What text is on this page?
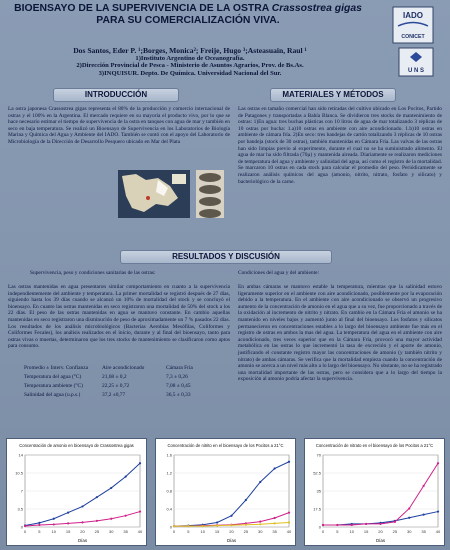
BIOENSAYO DE LA SUPERVIVENCIA DE LA OSTRA Crassostrea gigas PARA SU COMERCIALIZACIÓN VIVA.
Dos Santos, Eder P. ¹;Borges, Monica²; Freije, Hugo ³;Asteasuain, Raul ¹
1)Instituto Argentino de Oceanografía.
2)Dirección Provincial de Pesca - Ministerio de Asuntos Agrarios, Prov. de Bs.As.
3)INQUISUR. Depto. De Química. Universidad Nacional del Sur.
IADO
CONICET
U N S
INTRODUCCIÓN	MATERIALES Y MÉTODOS
La ostra japonesa Crassostrea gigas representa el 80% de la producción y comercio internacional de ostras y el 100% en la Argentina. El mercado requiere en su mayoría el producto vivo, por lo que se hace necesario estimar el tiempo de supervivencia de la ostra en tanques con agua de mar y también en seco en baja temperatura. Se realizó un Bioensayo de Supervivencia en los Laboratorios de Biología Marina y Química del Agua y Ambiente del IADO. También se contó con el apoyo del Laboratorio de Microbiología de la Dirección de Desarrollo Pesquero ubicado en Mar del Plata
Las ostras en tamaño comercial han sido retiradas del cultivo ubicado en Los Pocitos, Partido de Patagones y transportadas a Bahía Blanca. Se dividieron tres stocks de mantenimiento de ostras: 1)En agua: tres buchas plásticas con 10 litros de agua de mar totalizando 3 réplicas de 10 ostras por bucha: 1.a)10 ostras en ambiente con aire acondicionado. 1.b)10 ostras en ambiente de cámara fría. 2)En seco: tres bandejas de cartón totalizando 3 réplicas de 10 ostras por bandeja (stock de 30 ostras), también mantenidas en Cámara Fría. Las valvas de las ostras han sido limpias previo al experimento, durante el cual no se ha suministrado alimento. El agua de mar ha sido filtrada (70µ) y mantenida aireada. Diariamente se realizaron mediciones de temperatura del agua y ambiente y salinidad del agua, así como el registro de la mortalidad. Se marcaron 10 ostras en cada stock para calcular el promedio del peso. Periódicamente se realizaron análisis químicos del agua (amonio, nitrito, nitrato, fosfato y silicato) y bacteriológico de la carne.
RESULTADOS Y DISCUSIÓN
Supervivencia, peso y condiciones sanitarias de las ostras:	Condiciones del agua y del ambiente:
Las ostras mantenidas en agua presentaron similar comportamiento en cuanto a la supervivencia independientemente del ambiente y temperatura. La primer mortalidad se registró después de 27 días, siguiendo hasta los 39 días cuando se alcanzó un 10% de mortalidad del stock y se concluyó el bioensayo. En cuanto las ostras mantenidas en seco registraron una mortalidad de 50% del stock a los 22 días. El peso de las ostras mantenidas en agua se mantuvo constante. En cambio aquellas mantenidas en seco registraron una disminución de peso de aproximadamente un 7 % pasados 22 días. Los resultados de los análisis microbiológicos (Bacterias Aerobias Mesófilas, Coliformes y Coliformes Fecales), los análisis realizados en el inicio, durante y al final del bioensayo, tanto para ostras vivas o muertas, determinaron que los tres stocks de mantenimiento se clasificaron como aptos para consumo.
Promedio ± Interv. Confianza	Aire acondicionado	Cámara Fría
Temperatura del agua (°C)	21,68 ± 0,2	7,3 ± 0,26
Temperatura ambiente (°C)	22,25 ± 0,72	7,08 ± 0,45
Salinidad del agua (u.p.s.)	37,2 ±0,77	36,5 ± 0,33
En ambas cámaras se mantuvo estable la temperatura, mientras que la salinidad estuvo ligeramente superior en el ambiente con aire acondicionado, posiblemente por la evaporación debido a la temperatura. En el ambiente con aire acondicionado se observó un progresivo aumento de la concentración de amonio en el agua que a su vez, fue proporcionado a través de la oxidación al incremento de nitrito y nitrato. En cambio en la Cámara Fría el amonio se ha mantenido en niveles bajos y aumentó junto al final del bioensayo. Los fosfatos y silicatos permanecieron en concentraciones estables a lo largo del bioensayo ambiente fue más en el registro de ostras en ambos la mas del agua. La temperatura del agua en el ambiente con aire acondicionado, tres veces superior que en la Cámara Fría, provocó una mayor actividad metabólica en las ostras lo que incrementó la tasa de excreción y el aporte de amonio, justificando el constante registro mayor las concentraciones de amonio (y también nitrito y nitrato) de ambas cámaras. Se verifica que la mortalidad empieza cuando la concentración de amonio se acerca a un nivel más alto a lo largo del bioensayo. No obstante, no se ha registrado una mortalidad importante de las ostras, pero se considera que a lo largo del tiempo la exposición al amonio podría afectar la supervivencia.
Concentración de amonio en bioensayo de Crassostrea gigas
0
3.5
7
10.5
14
0	5	10 15 20 25 30 35 40
Días
Concentración de nitrito en el bioensayo de los Pocitos a 21°C
0
0.4
0.8
1.2
1.6
0	5	10 15 20 25 30 35 40
Días
Concentración de nitrato en el bioensayo de los Pocitos a 21°C
0
17.5
35
52.5
70
0	5	10 15 20 25 30 35 40
Días
